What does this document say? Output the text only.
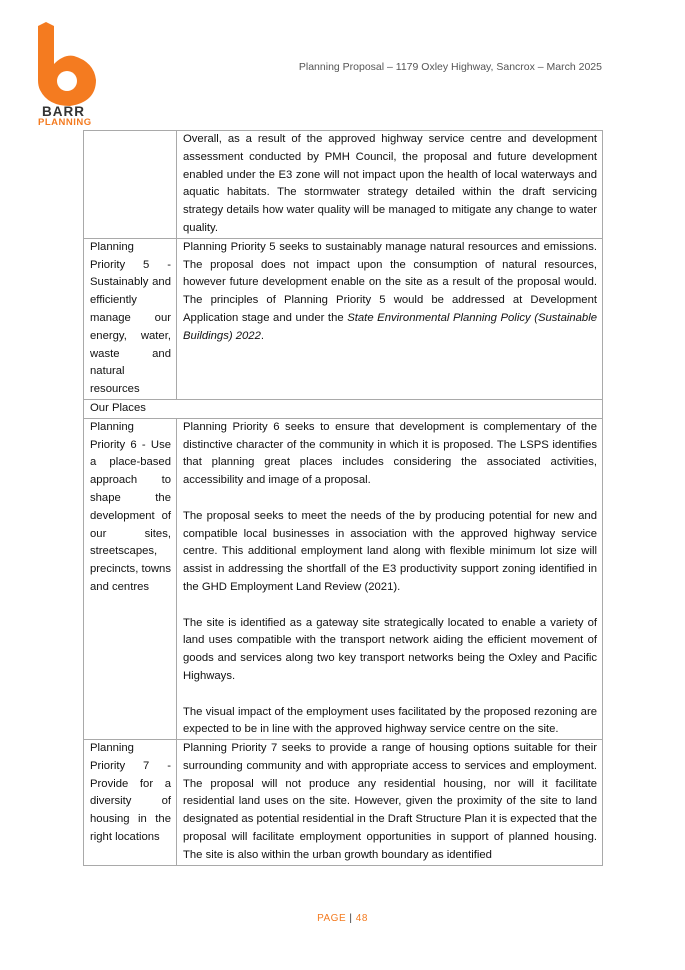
BARR
PLANNING
Planning Proposal – 1179 Oxley Highway, Sancrox – March 2025

	Overall, as a result of the approved highway service centre and development assessment conducted by PMH Council, the proposal and future development enabled under the E3 zone will not impact upon the health of local waterways and aquatic habitats. The stormwater strategy detailed within the draft servicing strategy details how water quality will be managed to mitigate any change to water quality.

Planning Priority 5 - Sustainably and efficiently manage our energy, water, waste and natural resources	Planning Priority 5 seeks to sustainably manage natural resources and emissions. The proposal does not impact upon the consumption of natural resources, however future development enable on the site as a result of the proposal would. The principles of Planning Priority 5 would be addressed at Development Application stage and under the State Environmental Planning Policy (Sustainable Buildings) 2022.

Our Places	

Planning Priority 6 - Use a place-based approach to shape the development of our sites, streetscapes, precincts, towns and centres	Planning Priority 6 seeks to ensure that development is complementary of the distinctive character of the community in which it is proposed. The LSPS identifies that planning great places includes considering the associated activities, accessibility and image of a proposal.
The proposal seeks to meet the needs of the by producing potential for new and compatible local businesses in association with the approved highway service centre. This additional employment land along with flexible minimum lot size will assist in addressing the shortfall of the E3 productivity support zoning identified in the GHD Employment Land Review (2021).
The site is identified as a gateway site strategically located to enable a variety of land uses compatible with the transport network aiding the efficient movement of goods and services along two key transport networks being the Oxley and Pacific Highways.
The visual impact of the employment uses facilitated by the proposed rezoning are expected to be in line with the approved highway service centre on the site.

Planning Priority 7 - Provide for a diversity of housing in the right locations	Planning Priority 7 seeks to provide a range of housing options suitable for their surrounding community and with appropriate access to services and employment. The proposal will not produce any residential housing, nor will it facilitate residential land uses on the site. However, given the proximity of the site to land designated as potential residential in the Draft Structure Plan it is expected that the proposal will facilitate employment opportunities in support of planned housing. The site is also within the urban growth boundary as identified
PAGE | 48
